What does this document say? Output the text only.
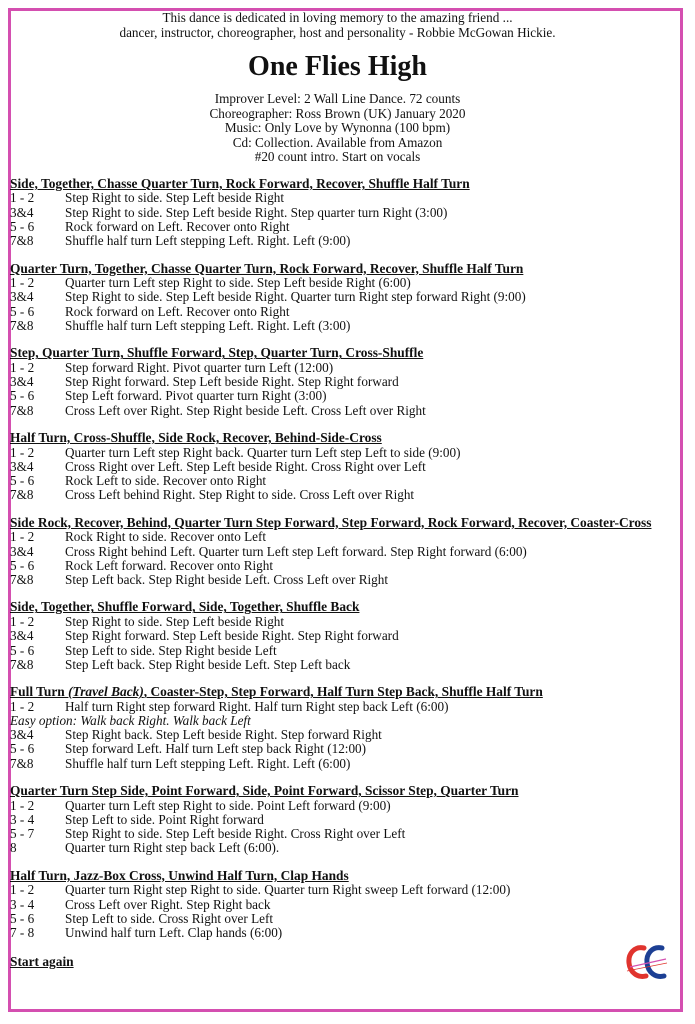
This dance is dedicated in loving memory to the amazing friend ...
dancer, instructor, choreographer, host and personality - Robbie McGowan Hickie.
One Flies High
Improver Level: 2 Wall Line Dance. 72 counts
Choreographer: Ross Brown (UK) January 2020
Music: Only Love by Wynonna (100 bpm)
Cd: Collection. Available from Amazon
#20 count intro. Start on vocals
Side, Together, Chasse Quarter Turn, Rock Forward, Recover, Shuffle Half Turn
1 - 2	Step Right to side. Step Left beside Right
3&4	Step Right to side. Step Left beside Right. Step quarter turn Right (3:00)
5 - 6	Rock forward on Left. Recover onto Right
7&8	Shuffle half turn Left stepping Left. Right. Left (9:00)
Quarter Turn, Together, Chasse Quarter Turn, Rock Forward, Recover, Shuffle Half Turn
1 - 2	Quarter turn Left step Right to side. Step Left beside Right (6:00)
3&4	Step Right to side. Step Left beside Right. Quarter turn Right step forward Right (9:00)
5 - 6	Rock forward on Left. Recover onto Right
7&8	Shuffle half turn Left stepping Left. Right. Left (3:00)
Step, Quarter Turn, Shuffle Forward, Step, Quarter Turn, Cross-Shuffle
1 - 2	Step forward Right. Pivot quarter turn Left (12:00)
3&4	Step Right forward. Step Left beside Right. Step Right forward
5 - 6	Step Left forward. Pivot quarter turn Right (3:00)
7&8	Cross Left over Right. Step Right beside Left. Cross Left over Right
Half Turn, Cross-Shuffle, Side Rock, Recover, Behind-Side-Cross
1 - 2	Quarter turn Left step Right back. Quarter turn Left step Left to side (9:00)
3&4	Cross Right over Left. Step Left beside Right. Cross Right over Left
5 - 6	Rock Left to side. Recover onto Right
7&8	Cross Left behind Right. Step Right to side. Cross Left over Right
Side Rock, Recover, Behind, Quarter Turn Step Forward, Step Forward, Rock Forward, Recover, Coaster-Cross
1 - 2	Rock Right to side. Recover onto Left
3&4	Cross Right behind Left. Quarter turn Left step Left forward. Step Right forward (6:00)
5 - 6	Rock Left forward. Recover onto Right
7&8	Step Left back. Step Right beside Left. Cross Left over Right
Side, Together, Shuffle Forward, Side, Together, Shuffle Back
1 - 2	Step Right to side. Step Left beside Right
3&4	Step Right forward. Step Left beside Right. Step Right forward
5 - 6	Step Left to side. Step Right beside Left
7&8	Step Left back. Step Right beside Left. Step Left back
Full Turn (Travel Back), Coaster-Step, Step Forward, Half Turn Step Back, Shuffle Half Turn
1 - 2	Half turn Right step forward Right. Half turn Right step back Left (6:00)
Easy option: Walk back Right. Walk back Left
3&4	Step Right back. Step Left beside Right. Step forward Right
5 - 6	Step forward Left. Half turn Left step back Right (12:00)
7&8	Shuffle half turn Left stepping Left. Right. Left (6:00)
Quarter Turn Step Side, Point Forward, Side, Point Forward, Scissor Step, Quarter Turn
1 - 2	Quarter turn Left step Right to side. Point Left forward (9:00)
3 - 4	Step Left to side. Point Right forward
5 - 7	Step Right to side. Step Left beside Right. Cross Right over Left
8	Quarter turn Right step back Left (6:00).
Half Turn, Jazz-Box Cross, Unwind Half Turn, Clap Hands
1 - 2	Quarter turn Right step Right to side. Quarter turn Right sweep Left forward (12:00)
3 - 4	Cross Left over Right. Step Right back
5 - 6	Step Left to side. Cross Right over Left
7 - 8	Unwind half turn Left. Clap hands (6:00)
Start again
